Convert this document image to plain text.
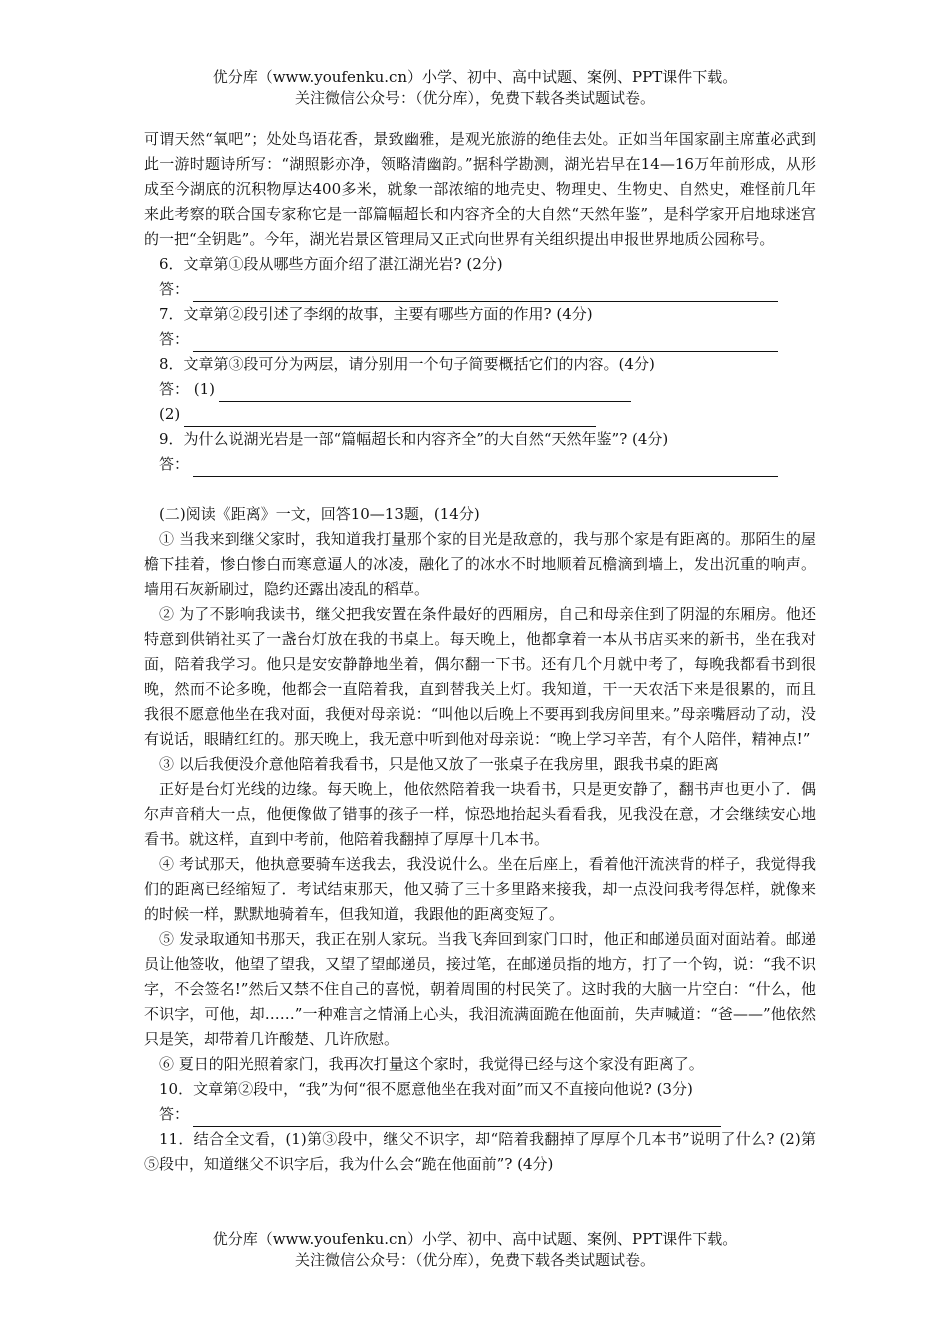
优分库（www.youfenku.cn）小学、初中、高中试题、案例、PPT课件下载。
关注微信公众号：（优分库），免费下载各类试题试卷。

可谓天然“氧吧”；处处鸟语花香，景致幽雅，是观光旅游的绝佳去处。正如当年国家副主席董必武到此一游时题诗所写：“湖照影亦净，领略清幽韵。”据科学勘测，湖光岩早在14—16万年前形成，从形成至今湖底的沉积物厚达400多米，就象一部浓缩的地壳史、物理史、生物史、自然史，难怪前几年来此考察的联合国专家称它是一部篇幅超长和内容齐全的大自然“天然年鉴”，是科学家开启地球迷宫的一把“全钥匙”。今年，湖光岩景区管理局又正式向世界有关组织提出申报世界地质公园称号。

6．文章第①段从哪些方面介绍了湛江湖光岩? (2分)

答：

7．文章第②段引述了李纲的故事，主要有哪些方面的作用? (4分)

答：

8．文章第③段可分为两层，请分别用一个句子简要概括它们的内容。(4分)

答： (1)
(2)

9．为什么说湖光岩是一部“篇幅超长和内容齐全”的大自然“天然年鉴”? (4分)

答：

(二)阅读《距离》一文，回答10—13题，(14分)

① 当我来到继父家时，我知道我打量那个家的目光是敌意的，我与那个家是有距离的。那陌生的屋檐下挂着，惨白惨白而寒意逼人的冰凌，融化了的冰水不时地顺着瓦檐滴到墙上，发出沉重的响声。墙用石灰新刷过，隐约还露出凌乱的稻草。

② 为了不影响我读书，继父把我安置在条件最好的西厢房，自己和母亲住到了阴湿的东厢房。他还特意到供销社买了一盏台灯放在我的书桌上。每天晚上，他都拿着一本从书店买来的新书，坐在我对面，陪着我学习。他只是安安静静地坐着，偶尔翻一下书。还有几个月就中考了，每晚我都看书到很晚，然而不论多晚，他都会一直陪着我，直到替我关上灯。我知道，干一天农活下来是很累的，而且我很不愿意他坐在我对面，我便对母亲说：“叫他以后晚上不要再到我房间里来。”母亲嘴唇动了动，没有说话，眼睛红红的。那天晚上，我无意中听到他对母亲说：“晚上学习辛苦，有个人陪伴，精神点!”

③ 以后我便没介意他陪着我看书，只是他又放了一张桌子在我房里，跟我书桌的距离

正好是台灯光线的边缘。每天晚上，他依然陪着我一块看书，只是更安静了，翻书声也更小了．偶尔声音稍大一点，他便像做了错事的孩子一样，惊恐地抬起头看看我，见我没在意，才会继续安心地看书。就这样，直到中考前，他陪着我翻掉了厚厚十几本书。

④ 考试那天，他执意要骑车送我去，我没说什么。坐在后座上，看着他汗流浃背的样子，我觉得我们的距离已经缩短了．考试结束那天，他又骑了三十多里路来接我，却一点没问我考得怎样，就像来的时候一样，默默地骑着车，但我知道，我跟他的距离变短了。

⑤ 发录取通知书那天，我正在别人家玩。当我飞奔回到家门口时，他正和邮递员面对面站着。邮递员让他签收，他望了望我，又望了望邮递员，接过笔，在邮递员指的地方，打了一个钩，说：“我不识字，不会签名!”然后又禁不住自己的喜悦，朝着周围的村民笑了。这时我的大脑一片空白：“什么，他不识字，可他，却……”一种难言之情涌上心头，我泪流满面跪在他面前，失声喊道：“爸——”他依然只是笑，却带着几许酸楚、几许欣慰。

⑥ 夏日的阳光照着家门，我再次打量这个家时，我觉得已经与这个家没有距离了。

10．文章第②段中，“我”为何“很不愿意他坐在我对面”而又不直接向他说? (3分)

答：

11．结合全文看，(1)第③段中，继父不识字，却“陪着我翻掉了厚厚个几本书”说明了什么? (2)第⑤段中，知道继父不识字后，我为什么会“跪在他面前”? (4分)

优分库（www.youfenku.cn）小学、初中、高中试题、案例、PPT课件下载。
关注微信公众号：（优分库），免费下载各类试题试卷。
